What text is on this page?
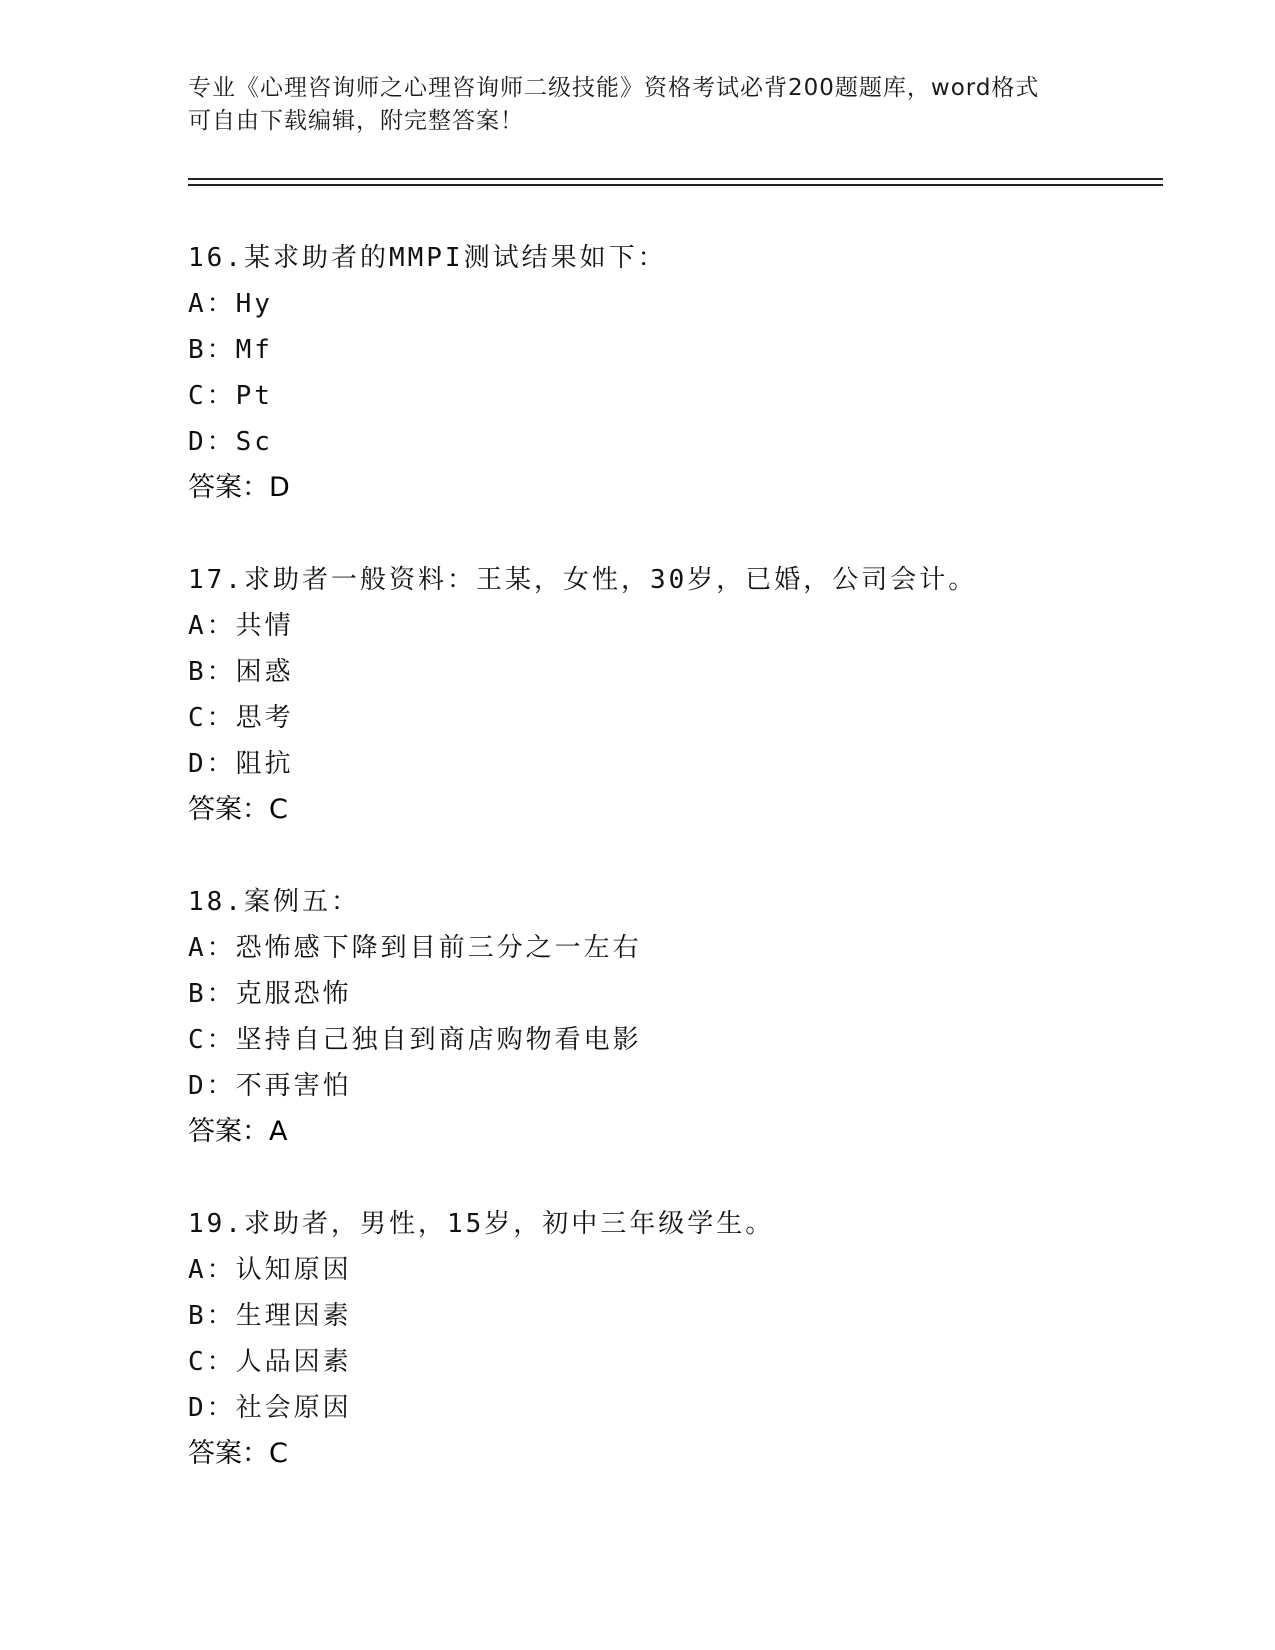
专业《心理咨询师之心理咨询师二级技能》资格考试必背200题题库，word格式
可自由下载编辑，附完整答案！
16.某求助者的MMPI测试结果如下：
A：Hy
B：Mf
C：Pt
D：Sc
答案：D
17.求助者一般资料：王某，女性，30岁，已婚，公司会计。
A：共情
B：困惑
C：思考
D：阻抗
答案：C
18.案例五：
A：恐怖感下降到目前三分之一左右
B：克服恐怖
C：坚持自己独自到商店购物看电影
D：不再害怕
答案：A
19.求助者，男性，15岁，初中三年级学生。
A：认知原因
B：生理因素
C：人品因素
D：社会原因
答案：C
